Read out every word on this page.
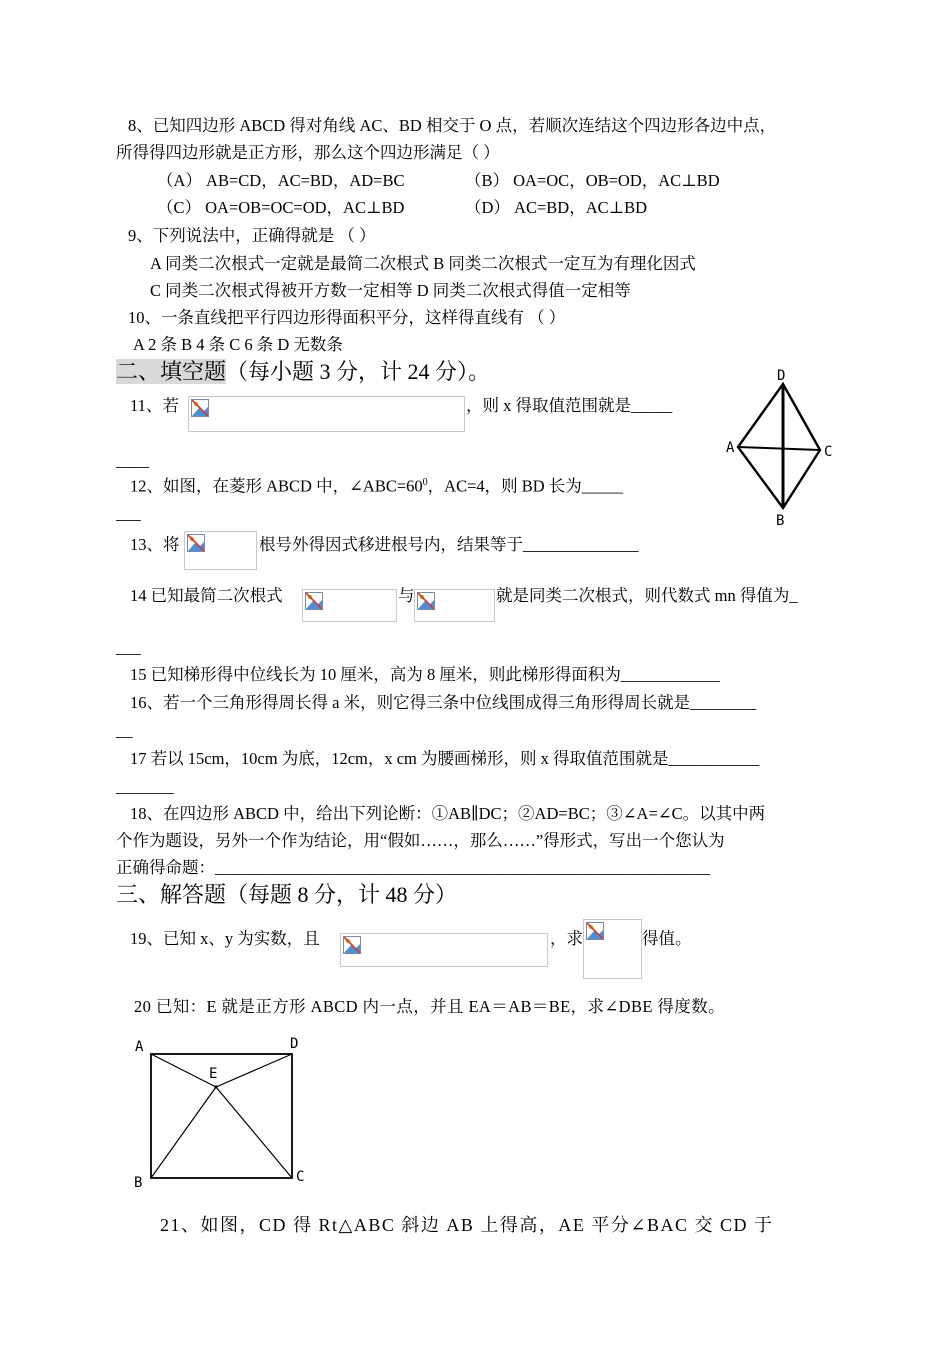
8、已知四边形 ABCD 得对角线 AC、BD 相交于 O 点，若顺次连结这个四边形各边中点，
所得得四边形就是正方形，那么这个四边形满足（ ）
（A） AB=CD，AC=BD，AD=BC	（B） OA=OC，OB=OD，AC⊥BD
（C） OA=OB=OC=OD，AC⊥BD	（D） AC=BD，AC⊥BD
9、下列说法中，正确得就是 （ ）
A 同类二次根式一定就是最简二次根式 B 同类二次根式一定互为有理化因式
C 同类二次根式得被开方数一定相等 D 同类二次根式得值一定相等
10、一条直线把平行四边形得面积平分，这样得直线有 （ ）
A 2 条 B 4 条 C 6 条 D 无数条
二、填空题（每小题 3 分，计 24 分）。
11、若	，则 x 得取值范围就是_____
____
D
A	C
B
12、如图，在菱形 ABCD 中，$\angle ABC=60^0$，AC=4，则 BD 长为_____
___
13、将	根号外得因式移进根号内，结果等于______________
14 已知最简二次根式	与	就是同类二次根式，则代数式 mn 得值为_
___
15 已知梯形得中位线长为 10 厘米，高为 8 厘米，则此梯形得面积为____________
16、若一个三角形得周长得 a 米，则它得三条中位线围成得三角形得周长就是________
__
17 若以 15cm，10cm 为底，12cm，x cm 为腰画梯形，则 x 得取值范围就是___________
_______
18、在四边形 ABCD 中，给出下列论断：①AB∥DC；②AD=BC；③∠A=∠C。以其中两
个作为题设，另外一个作为结论，用“假如……，那么……”得形式，写出一个您认为
正确得命题：____________________________________________________________
三、解答题（每题 8 分，计 48 分）
19、已知 x、y 为实数，且	，求	得值。
20 已知：E 就是正方形 ABCD 内一点，并且 EA＝AB＝BE，求∠DBE 得度数。
A	D
E
B	C
21、如图，CD 得 Rt△ABC 斜边 AB 上得高，AE 平分∠BAC 交 CD 于
